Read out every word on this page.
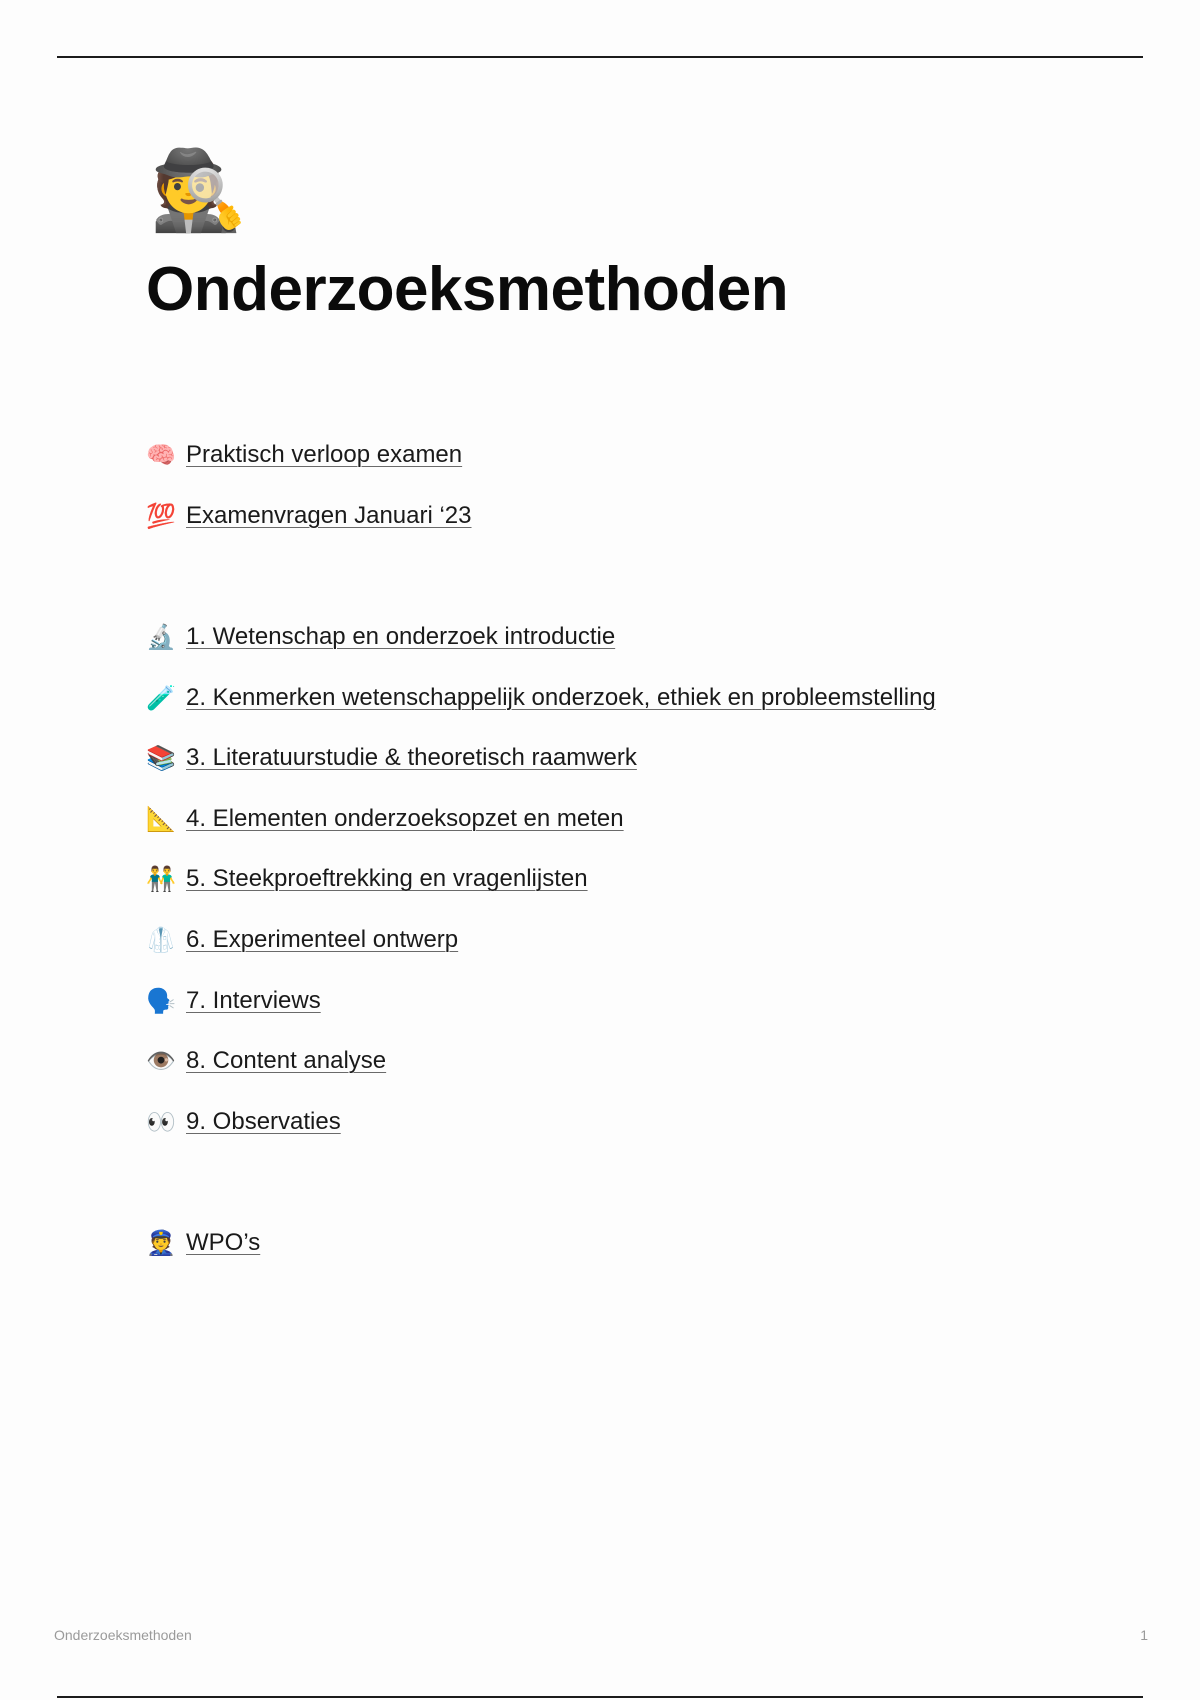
🕵️
Onderzoeksmethoden
🧠 Praktisch verloop examen
💯 Examenvragen Januari ‘23
🔬 1. Wetenschap en onderzoek introductie
🧪 2. Kenmerken wetenschappelijk onderzoek, ethiek en probleemstelling
📚 3. Literatuurstudie & theoretisch raamwerk
📐 4. Elementen onderzoeksopzet en meten
👬 5. Steekproeftrekking en vragenlijsten
🥼 6. Experimenteel ontwerp
🗣️ 7. Interviews
👁️ 8. Content analyse
👀 9. Observaties
👮 WPO’s
Onderzoeksmethoden	1
